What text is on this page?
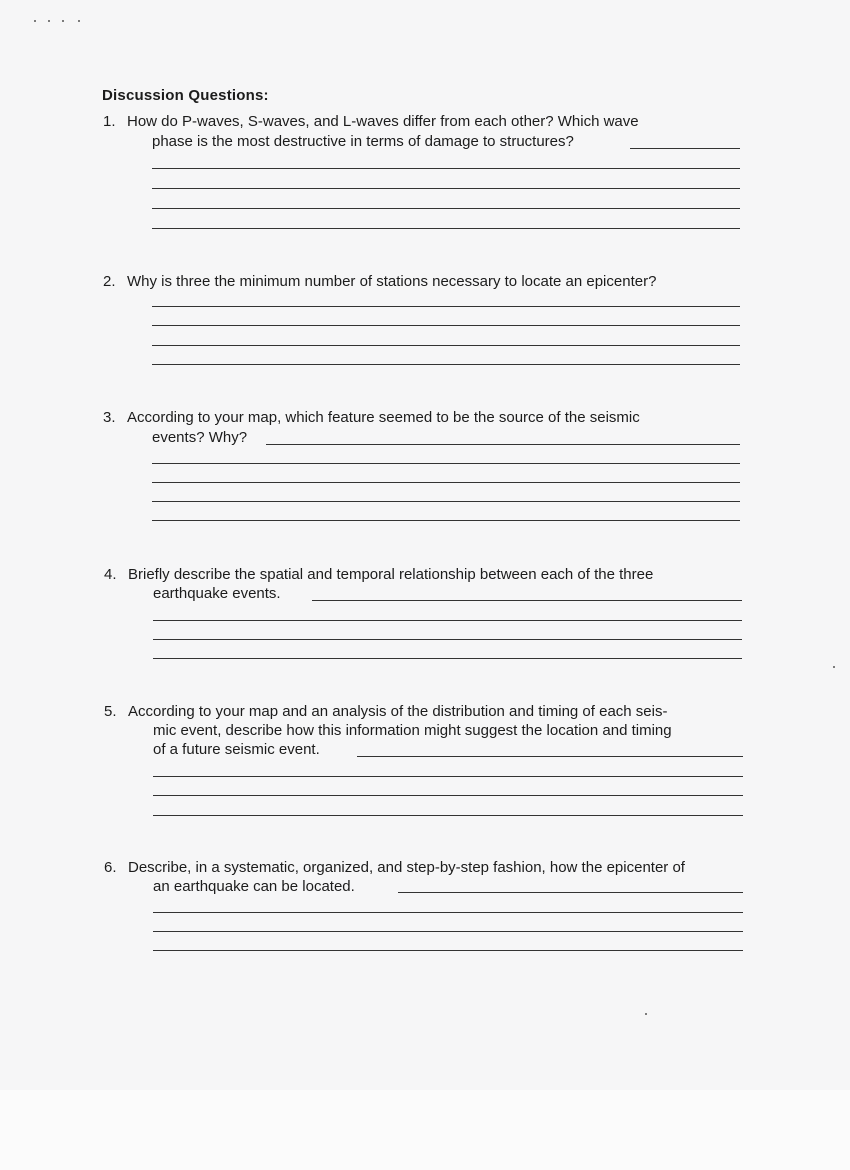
Discussion Questions:
1. How do P-waves, S-waves, and L-waves differ from each other? Which wave
phase is the most destructive in terms of damage to structures?
2. Why is three the minimum number of stations necessary to locate an epicenter?
3. According to your map, which feature seemed to be the source of the seismic
events? Why?
4. Briefly describe the spatial and temporal relationship between each of the three
earthquake events.
5. According to your map and an analysis of the distribution and timing of each seis-
mic event, describe how this information might suggest the location and timing
of a future seismic event.
6. Describe, in a systematic, organized, and step-by-step fashion, how the epicenter of
an earthquake can be located.
